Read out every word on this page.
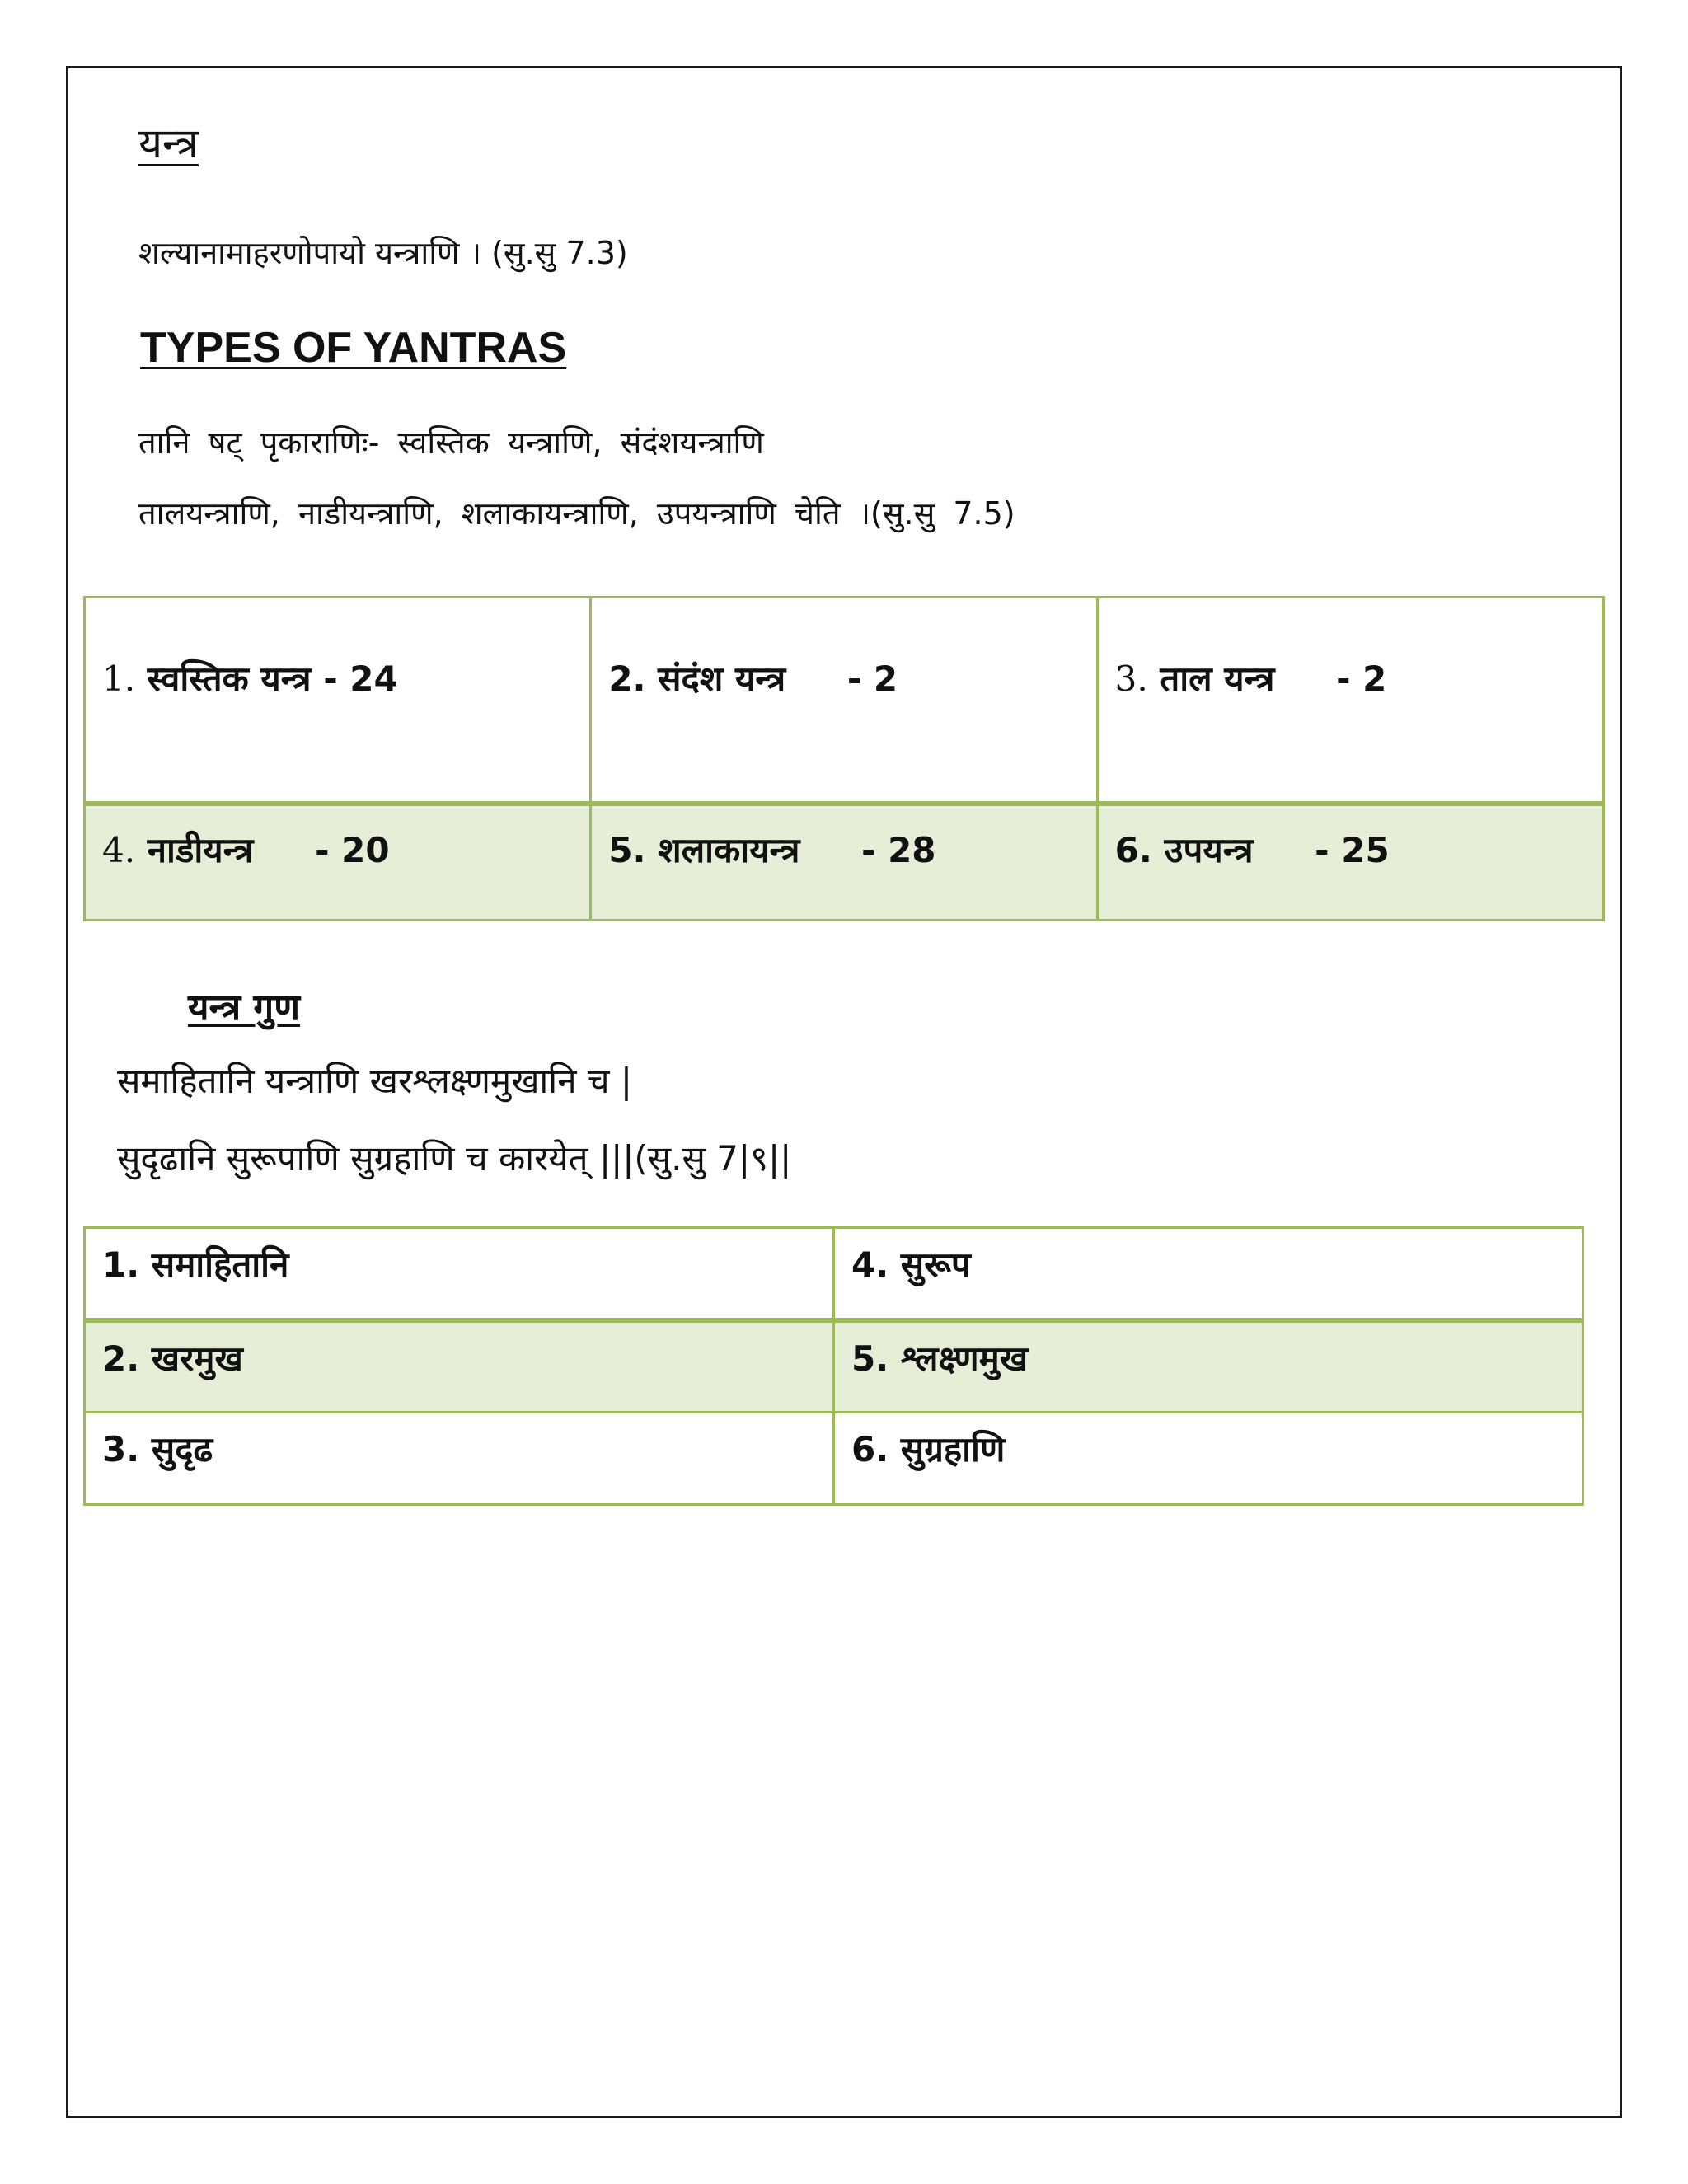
यन्त्र
शल्यानामाहरणोपायो यन्त्राणि । (सु.सु 7.3)
TYPES OF YANTRAS
तानि षट् पृकाराणिः- स्वस्तिक यन्त्राणि, संदंशयन्त्राणि
तालयन्त्राणि, नाडीयन्त्राणि, शलाकायन्त्राणि, उपयन्त्राणि चेति ।(सु.सु 7.5)
1. स्वस्तिक यन्त्र - 24	2. संदंश यन्त्र - 2	3. ताल यन्त्र - 2
4. नाडीयन्त्र - 20	5. शलाकायन्त्र - 28	6. उपयन्त्र - 25
यन्त्र गुण
समाहितानि यन्त्राणि खरश्लक्ष्णमुखानि च |
सुदृढानि सुरूपाणि सुग्रहाणि च कारयेत् |||(सु.सु 7|९||
1. समाहितानि	4. सुरूप
2. खरमुख	5. श्लक्ष्णमुख
3. सुदृढ	6. सुग्रहाणि
